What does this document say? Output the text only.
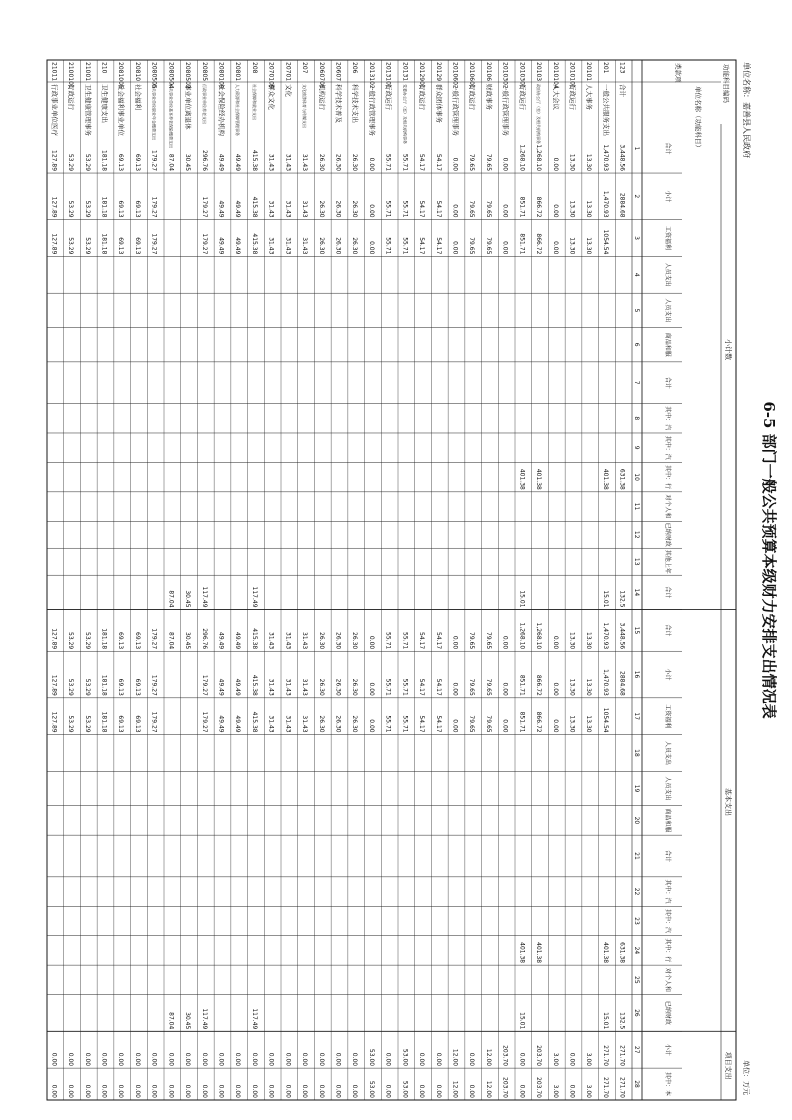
6-5 部门一般公共预算本级财力安排支出情况表
单位名称：嘉善县人民政府
单位：万元
功能科目编码
类款项
单位名称（功能科目）
小计数
基本支出
项目支出
合计
小计
工资福利
人员支出
人员支出
商品和服
合计
其中：汽
其中：汽
其中：行
对个人和
已纳财政
其他上年
合计
合计
小计
工资福利
人员支出
人员支出
商品和服
合计
其中：汽
其中：汽
其中：行
对个人和
已纳财政
小计
其中：本
1
2
3
4
5
6
7
8
9
10
11
12
13
14
15
16
17
18
19
20
21
22
23
24
25
26
27
28
123
合计
3,448.56
3,448.56
2884.68
2884.68
631.38
631.38
132.5
132.5
271.70
271.70
201
一般公共服务支出
1,470.93
1,470.93
1,470.93
1,470.93
1054.54
1054.54
401.38
401.38
15.01
15.01
271.70
271.70
20101
人大事务
13.30
13.30
13.30
13.30
13.30
13.30
3.00
3.00
2010101
行政运行
13.30
13.30
13.30
13.30
13.30
13.30
0.00
0.00
2010104
人大会议
0.00
0.00
0.00
0.00
0.00
0.00
3.00
3.00
20103
政府办公厅（室）及相关机构事务
1,268.10
1,268.10
866.72
866.72
866.72
866.72
401.38
401.38
203.70
203.70
2010301
行政运行
1,268.10
1,268.10
851.71
851.71
851.71
851.71
401.38
401.38
15.01
15.01
0.00
0.00
2010302
一般行政管理事务
0.00
0.00
0.00
0.00
0.00
0.00
203.70
203.70
20106
财政事务
79.65
79.65
79.65
79.65
79.65
79.65
12.00
12.00
2010601
行政运行
79.65
79.65
79.65
79.65
79.65
79.65
0.00
0.00
2010602
一般行政管理事务
0.00
0.00
0.00
0.00
0.00
0.00
12.00
12.00
20129
群众团体事务
54.17
54.17
54.17
54.17
54.17
54.17
0.00
0.00
2012901
行政运行
54.17
54.17
54.17
54.17
54.17
54.17
0.00
0.00
20131
党委办公厅（室）及相关机构事务
55.71
55.71
55.71
55.71
55.71
55.71
53.00
53.00
2013101
行政运行
55.71
55.71
55.71
55.71
55.71
55.71
0.00
0.00
2013102
一般行政管理事务
0.00
0.00
0.00
0.00
0.00
0.00
53.00
53.00
206
科学技术支出
26.30
26.30
26.30
26.30
26.30
26.30
0.00
0.00
20607
科学技术普及
26.30
26.30
26.30
26.30
26.30
26.30
0.00
0.00
2060701
机构运行
26.30
26.30
26.30
26.30
26.30
26.30
0.00
0.00
207
文化旅游体育与传媒支出
31.43
31.43
31.43
31.43
31.43
31.43
0.00
0.00
20701
文化
31.43
31.43
31.43
31.43
31.43
31.43
0.00
0.00
2070109
群众文化
31.43
31.43
31.43
31.43
31.43
31.43
0.00
0.00
208
社会保障和就业支出
415.38
415.38
415.38
415.38
415.38
415.38
117.49
117.49
0.00
0.00
20801
人力资源和社会保障管理事务
49.49
49.49
49.49
49.49
49.49
49.49
0.00
0.00
2080109
社会保险经办机构
49.49
49.49
49.49
49.49
49.49
49.49
0.00
0.00
20805
行政事业单位养老支出
296.76
296.76
179.27
179.27
179.27
179.27
117.49
117.49
0.00
0.00
2080502
事业单位离退休
30.45
30.45
30.45
30.45
0.00
0.00
2080504
机关事业单位基本养老保险缴费支出
87.04
87.04
87.04
87.04
0.00
0.00
2080505
机关事业单位职业年金缴费支出
179.27
179.27
179.27
179.27
179.27
179.27
0.00
0.00
20810
社会福利
69.13
69.13
69.13
69.13
69.13
69.13
0.00
0.00
2081005
社会福利事业单位
69.13
69.13
69.13
69.13
69.13
69.13
0.00
0.00
210
卫生健康支出
181.18
181.18
181.18
181.18
181.18
181.18
0.00
0.00
21001
卫生健康管理事务
53.29
53.29
53.29
53.29
53.29
53.29
0.00
0.00
2100101
行政运行
53.29
53.29
53.29
53.29
53.29
53.29
0.00
0.00
21011
行政事业单位医疗
127.89
127.89
127.89
127.89
127.89
127.89
0.00
0.00
